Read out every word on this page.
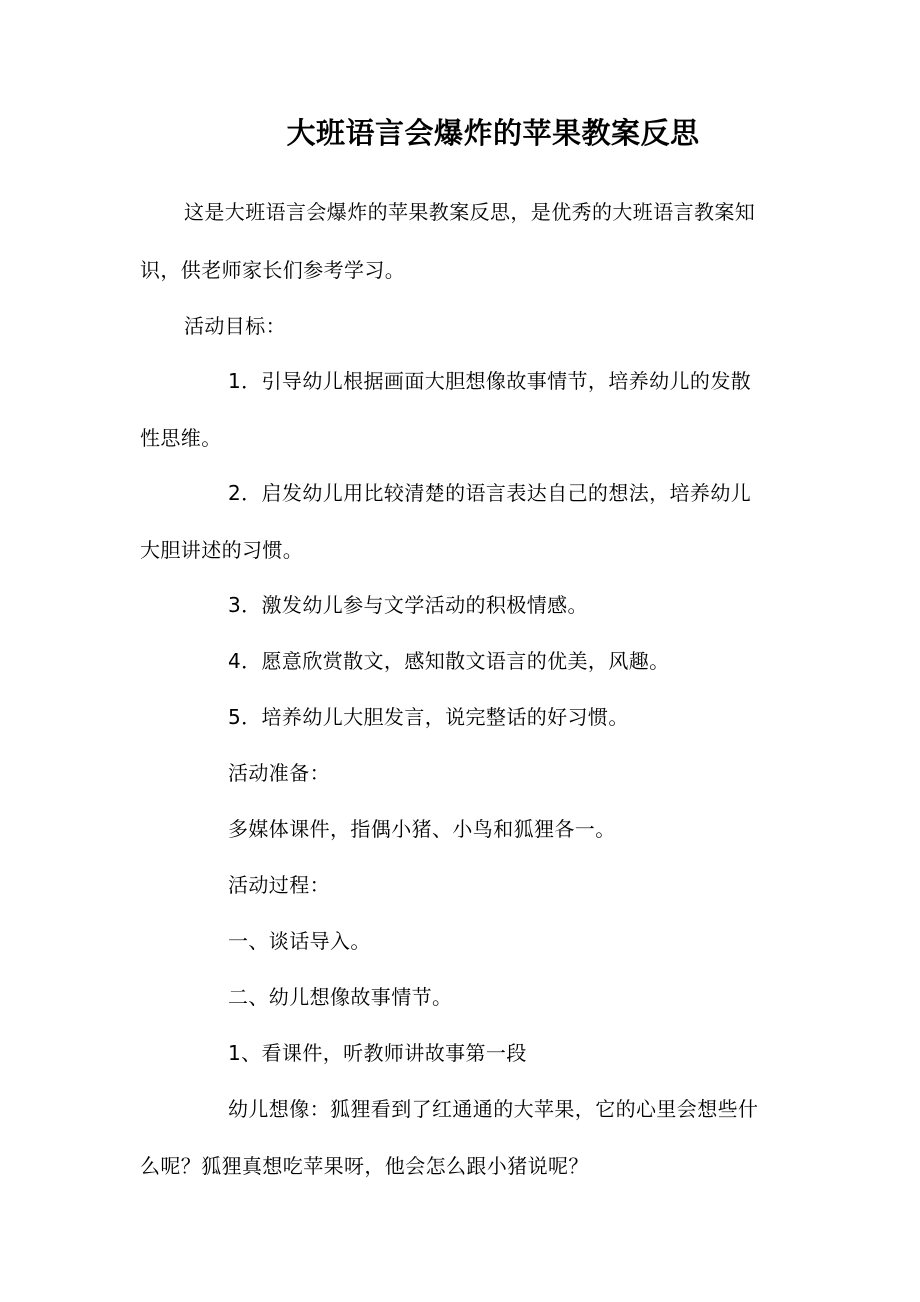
大班语言会爆炸的苹果教案反思
这是大班语言会爆炸的苹果教案反思，是优秀的大班语言教案知
识，供老师家长们参考学习。
活动目标：
1．引导幼儿根据画面大胆想像故事情节，培养幼儿的发散
性思维。
2．启发幼儿用比较清楚的语言表达自己的想法，培养幼儿
大胆讲述的习惯。
3．激发幼儿参与文学活动的积极情感。
4．愿意欣赏散文，感知散文语言的优美，风趣。
5．培养幼儿大胆发言，说完整话的好习惯。
活动准备：
多媒体课件，指偶小猪、小鸟和狐狸各一。
活动过程：
一、谈话导入。
二、幼儿想像故事情节。
1、看课件，听教师讲故事第一段
幼儿想像：狐狸看到了红通通的大苹果，它的心里会想些什
么呢？狐狸真想吃苹果呀，他会怎么跟小猪说呢？
